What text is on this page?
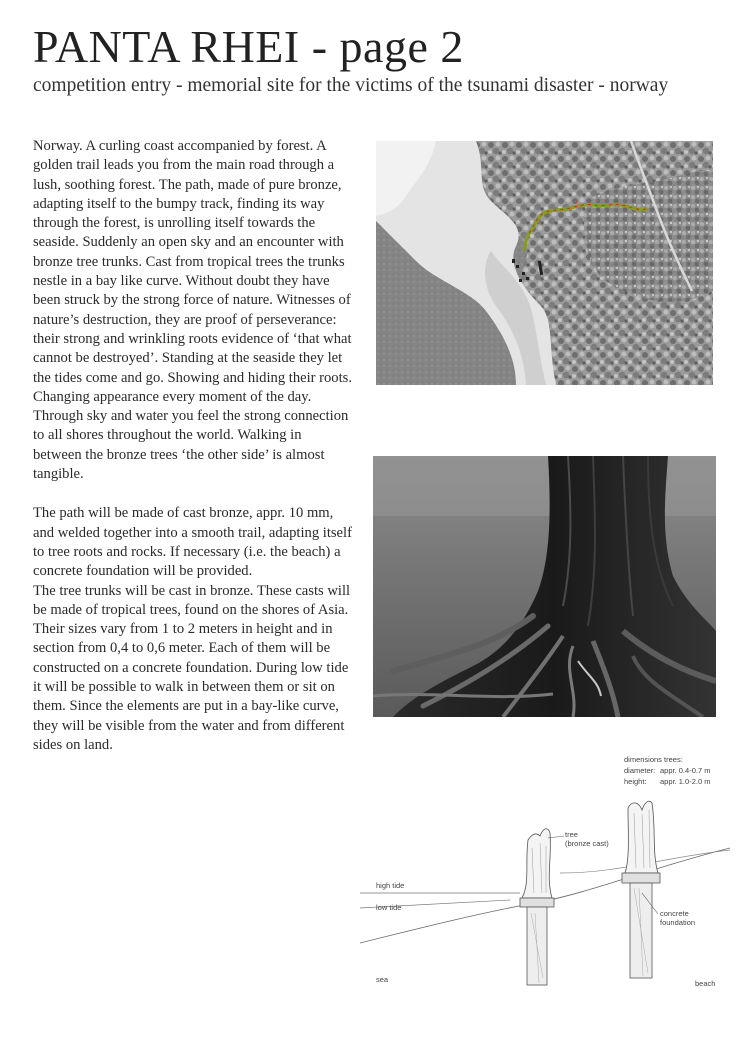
PANTA RHEI - page 2
competition entry - memorial site for the victims of the tsunami disaster - norway

Norway. A curling coast accompanied by forest. A golden trail leads you from the main road through a lush, soothing forest. The path, made of pure bronze, adapting itself to the bumpy track, finding its way through the forest, is unrolling itself towards the seaside. Suddenly an open sky and an encounter with bronze tree trunks. Cast from tropical trees the trunks nestle in a bay like curve. Without doubt they have been struck by the strong force of nature. Witnesses of nature’s destruction, they are proof of perseverance: their strong and wrinkling roots evidence of ‘that what cannot be destroyed’. Standing at the seaside they let the tides come and go. Showing and hiding their roots. Changing appearance every moment of the day. Through sky and water you feel the strong connection to all shores throughout the world. Walking in between the bronze trees ‘the other side’ is almost tangible.

The path will be made of cast bronze, appr. 10 mm, and welded together into a smooth trail, adapting itself to tree roots and rocks. If necessary (i.e. the beach) a concrete foundation will be provided.

The tree trunks will be cast in bronze. These casts will be made of tropical trees, found on the shores of Asia. Their sizes vary from 1 to 2 meters in height and in section from 0,4 to 0,6 meter. Each of them will be constructed on a concrete foundation. During low tide it will be possible to walk in between them or sit on them. Since the elements are put in a bay-like curve, they will be visible from the water and from different sides on land.

dimensions trees:
diameter: appr. 0.4-0.7 m
height: appr. 1.0-2.0 m
tree
(bronze cast)
high tide
low tide
concrete
foundation
sea	beach
